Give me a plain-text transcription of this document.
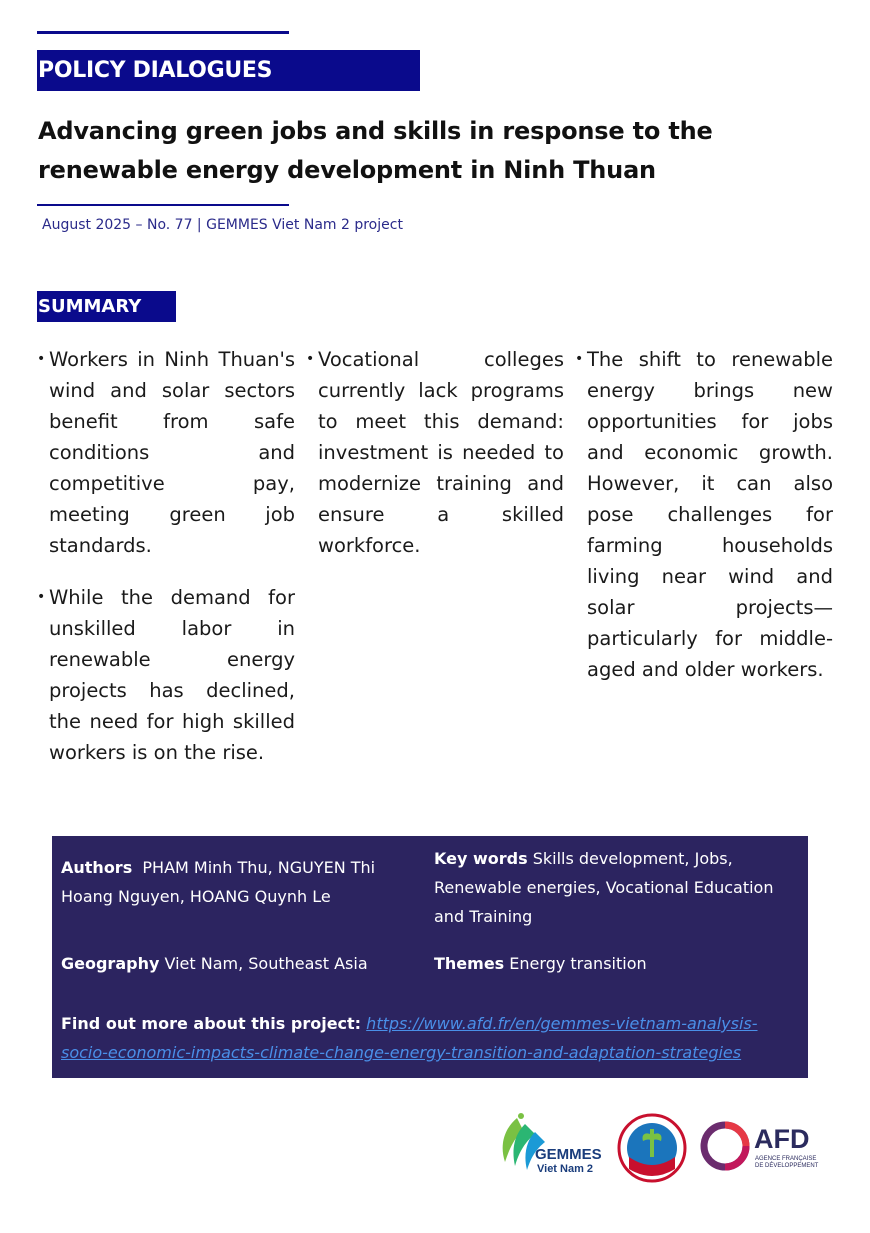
POLICY DIALOGUES
Advancing green jobs and skills in response to the
renewable energy development in Ninh Thuan
August 2025 – No. 77 | GEMMES Viet Nam 2 project
SUMMARY
• Workers in Ninh Thuan's wind and solar sectors benefit from safe conditions and competitive pay, meeting green job standards.
• While the demand for unskilled labor in renewable energy projects has declined, the need for high skilled workers is on the rise.
• Vocational colleges currently lack programs to meet this demand: investment is needed to modernize training and ensure a skilled workforce.
• The shift to renewable energy brings new opportunities for jobs and economic growth. However, it can also pose challenges for farming households living near wind and solar projects—particularly for middle-aged and older workers.
Authors PHAM Minh Thu, NGUYEN Thi Hoang Nguyen, HOANG Quynh Le
Key words Skills development, Jobs, Renewable energies, Vocational Education and Training
Geography Viet Nam, Southeast Asia	Themes Energy transition
Find out more about this project: https://www.afd.fr/en/gemmes-vietnam-analysis-socio-economic-impacts-climate-change-energy-transition-and-adaptation-strategies
GEMMES
Viet Nam 2
AFD
AGENCE FRANÇAISE DE DÉVELOPPEMENT
